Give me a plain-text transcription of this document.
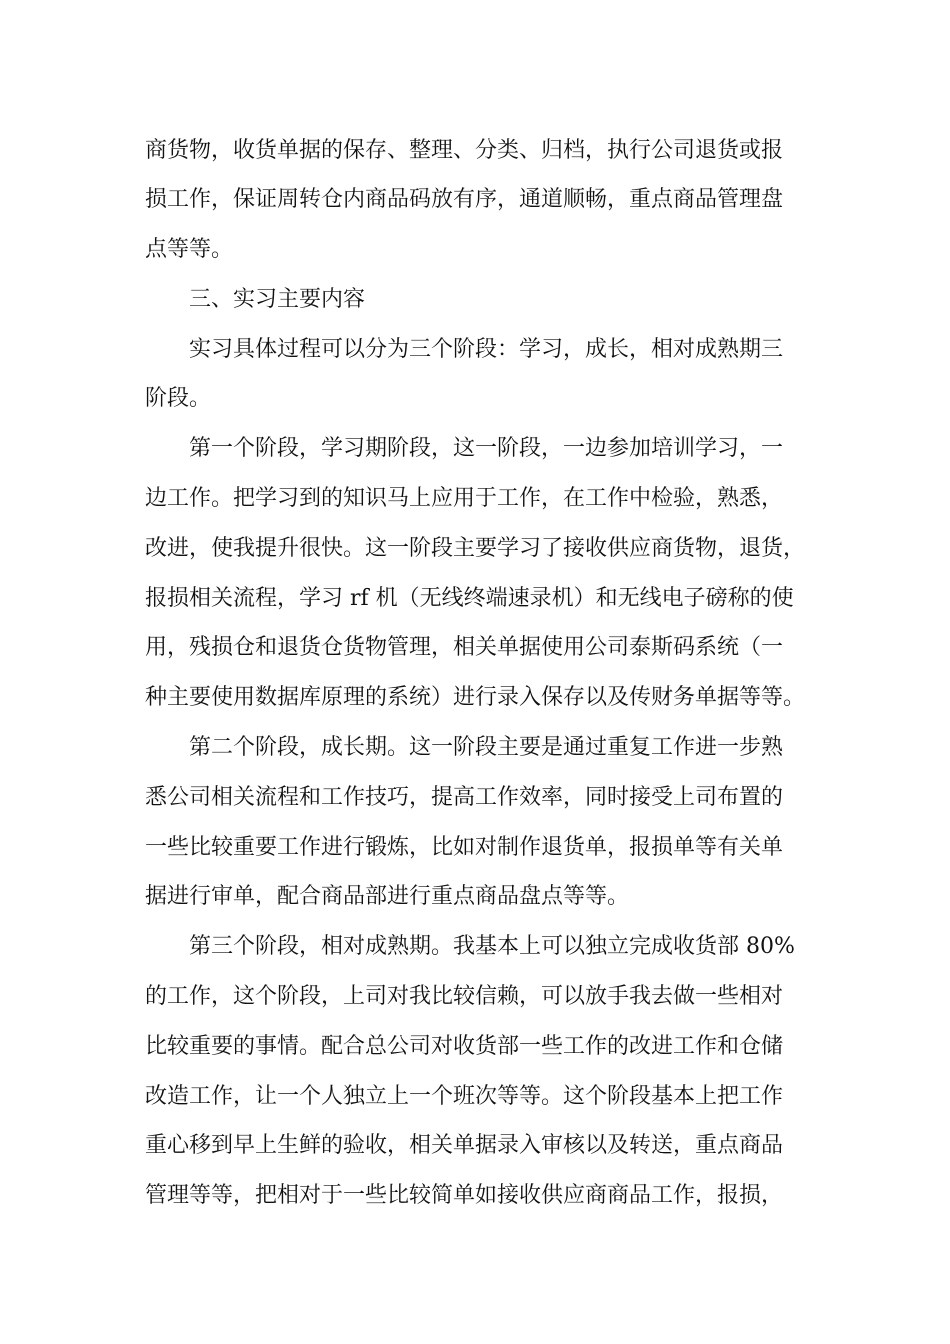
商货物，收货单据的保存、整理、分类、归档，执行公司退货或报
损工作，保证周转仓内商品码放有序，通道顺畅，重点商品管理盘
点等等。
三、实习主要内容
实习具体过程可以分为三个阶段：学习，成长，相对成熟期三
阶段。
第一个阶段，学习期阶段，这一阶段，一边参加培训学习，一
边工作。把学习到的知识马上应用于工作，在工作中检验，熟悉，
改进，使我提升很快。这一阶段主要学习了接收供应商货物，退货，
报损相关流程，学习 rf 机（无线终端速录机）和无线电子磅称的使
用，残损仓和退货仓货物管理，相关单据使用公司泰斯码系统（一
种主要使用数据库原理的系统）进行录入保存以及传财务单据等等。
第二个阶段，成长期。这一阶段主要是通过重复工作进一步熟
悉公司相关流程和工作技巧，提高工作效率，同时接受上司布置的
一些比较重要工作进行锻炼，比如对制作退货单，报损单等有关单
据进行审单，配合商品部进行重点商品盘点等等。
第三个阶段，相对成熟期。我基本上可以独立完成收货部 80%
的工作，这个阶段，上司对我比较信赖，可以放手我去做一些相对
比较重要的事情。配合总公司对收货部一些工作的改进工作和仓储
改造工作，让一个人独立上一个班次等等。这个阶段基本上把工作
重心移到早上生鲜的验收，相关单据录入审核以及转送，重点商品
管理等等，把相对于一些比较简单如接收供应商商品工作，报损，
